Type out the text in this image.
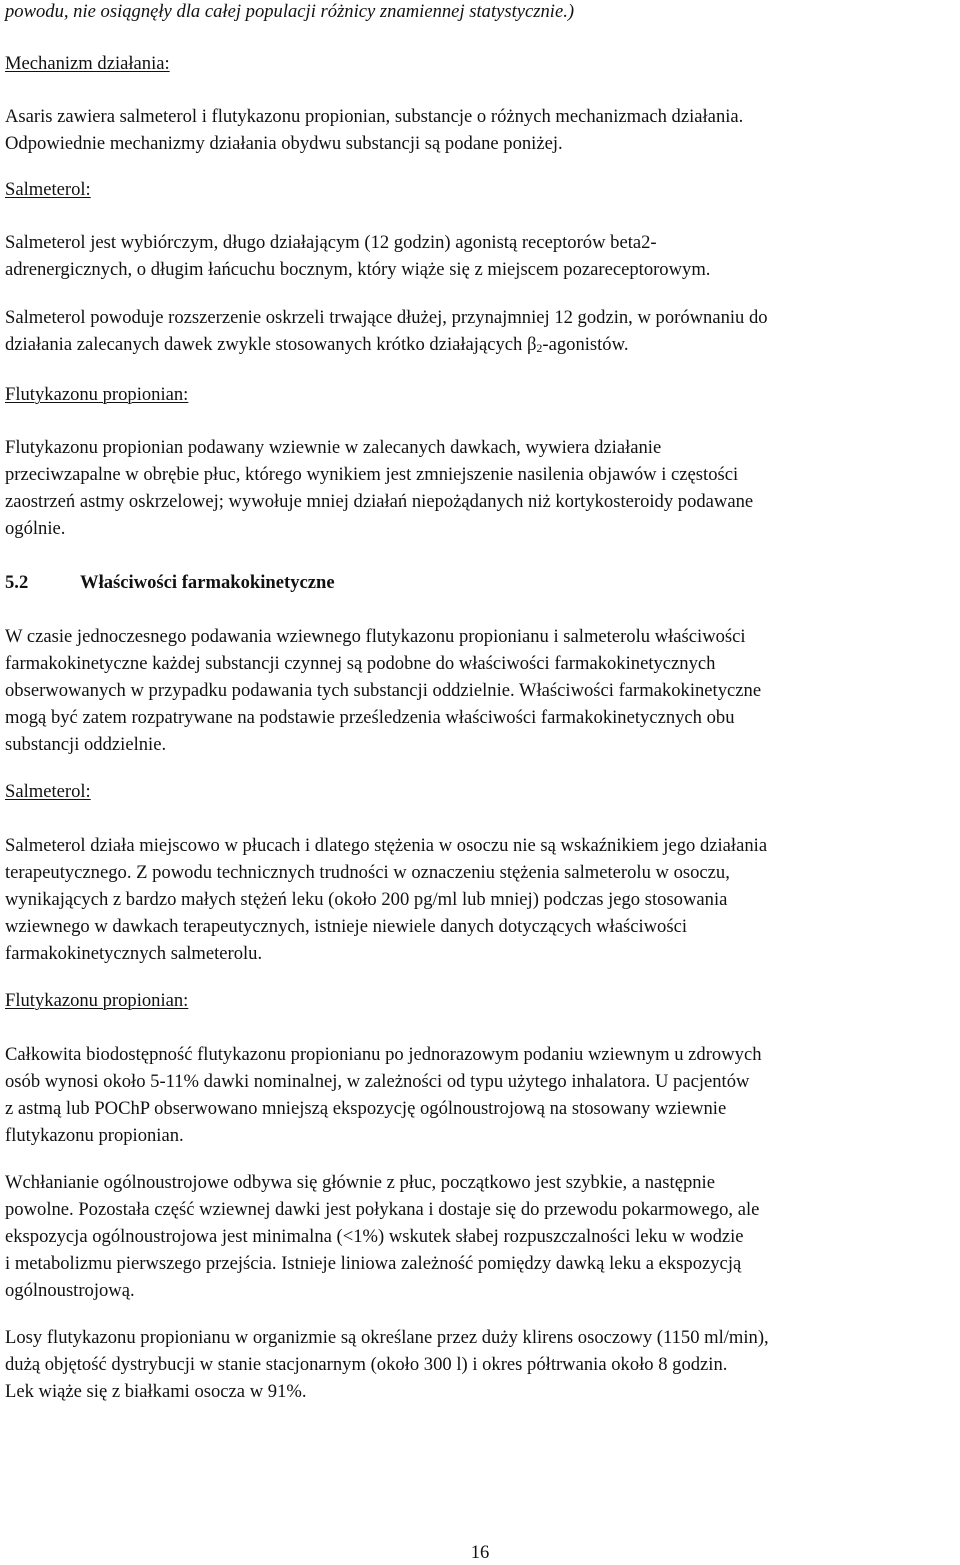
powodu, nie osiągnęły dla całej populacji różnicy znamiennej statystycznie.)

Mechanizm działania:

Asaris zawiera salmeterol i flutykazonu propionian, substancje o różnych mechanizmach działania.
Odpowiednie mechanizmy działania obydwu substancji są podane poniżej.

Salmeterol:

Salmeterol jest wybiórczym, długo działającym (12 godzin) agonistą receptorów beta2-
adrenergicznych, o długim łańcuchu bocznym, który wiąże się z miejscem pozareceptorowym.

Salmeterol powoduje rozszerzenie oskrzeli trwające dłużej, przynajmniej 12 godzin, w porównaniu do
działania zalecanych dawek zwykle stosowanych krótko działających β2-agonistów.

Flutykazonu propionian:

Flutykazonu propionian podawany wziewnie w zalecanych dawkach, wywiera działanie
przeciwzapalne w obrębie płuc, którego wynikiem jest zmniejszenie nasilenia objawów i częstości
zaostrzeń astmy oskrzelowej; wywołuje mniej działań niepożądanych niż kortykosteroidy podawane
ogólnie.

5.2	Właściwości farmakokinetyczne

W czasie jednoczesnego podawania wziewnego flutykazonu propionianu i salmeterolu właściwości
farmakokinetyczne każdej substancji czynnej są podobne do właściwości farmakokinetycznych
obserwowanych w przypadku podawania tych substancji oddzielnie. Właściwości farmakokinetyczne
mogą być zatem rozpatrywane na podstawie prześledzenia właściwości farmakokinetycznych obu
substancji oddzielnie.

Salmeterol:

Salmeterol działa miejscowo w płucach i dlatego stężenia w osoczu nie są wskaźnikiem jego działania
terapeutycznego. Z powodu technicznych trudności w oznaczeniu stężenia salmeterolu w osoczu,
wynikających z bardzo małych stężeń leku (około 200 pg/ml lub mniej) podczas jego stosowania
wziewnego w dawkach terapeutycznych, istnieje niewiele danych dotyczących właściwości
farmakokinetycznych salmeterolu.

Flutykazonu propionian:

Całkowita biodostępność flutykazonu propionianu po jednorazowym podaniu wziewnym u zdrowych
osób wynosi około 5-11% dawki nominalnej, w zależności od typu użytego inhalatora. U pacjentów
z astmą lub POChP obserwowano mniejszą ekspozycję ogólnoustrojową na stosowany wziewnie
flutykazonu propionian.

Wchłanianie ogólnoustrojowe odbywa się głównie z płuc, początkowo jest szybkie, a następnie
powolne. Pozostała część wziewnej dawki jest połykana i dostaje się do przewodu pokarmowego, ale
ekspozycja ogólnoustrojowa jest minimalna (<1%) wskutek słabej rozpuszczalności leku w wodzie
i metabolizmu pierwszego przejścia. Istnieje liniowa zależność pomiędzy dawką leku a ekspozycją
ogólnoustrojową.

Losy flutykazonu propionianu w organizmie są określane przez duży klirens osoczowy (1150 ml/min),
dużą objętość dystrybucji w stanie stacjonarnym (około 300 l) i okres półtrwania około 8 godzin.
Lek wiąże się z białkami osocza w 91%.

16
